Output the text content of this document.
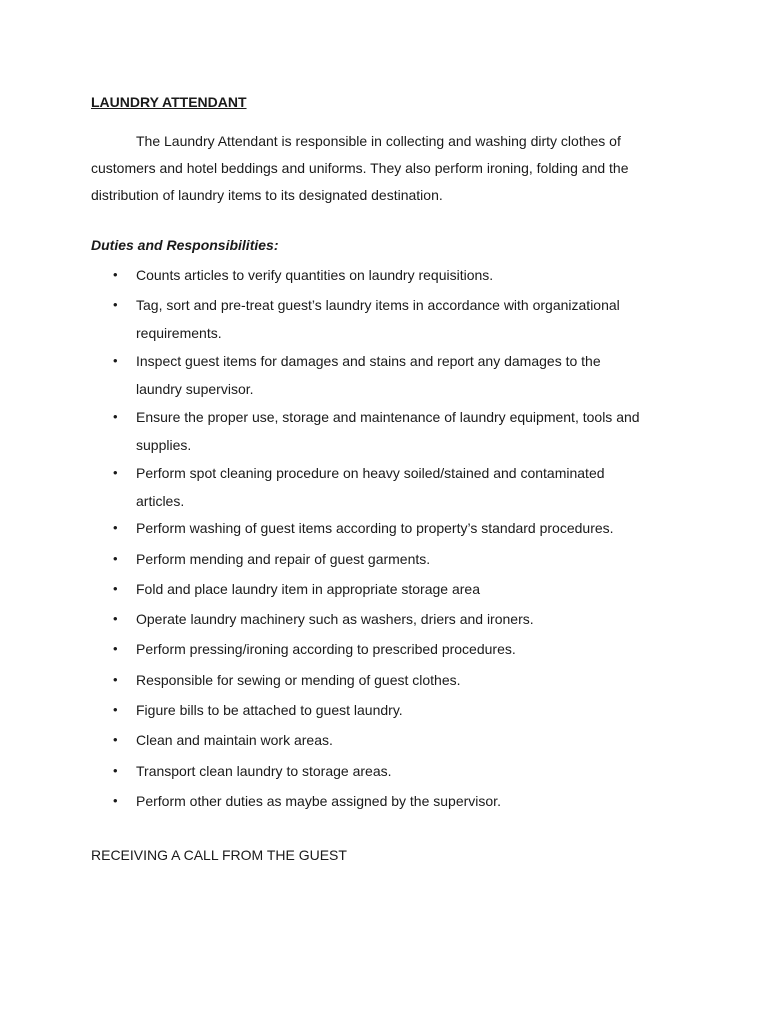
LAUNDRY ATTENDANT

The Laundry Attendant is responsible in collecting and washing dirty clothes of
customers and hotel beddings and uniforms. They also perform ironing, folding and the
distribution of laundry items to its designated destination.

Duties and Responsibilities:
• Counts articles to verify quantities on laundry requisitions.
• Tag, sort and pre-treat guest’s laundry items in accordance with organizational
requirements.
• Inspect guest items for damages and stains and report any damages to the
laundry supervisor.
• Ensure the proper use, storage and maintenance of laundry equipment, tools and
supplies.
• Perform spot cleaning procedure on heavy soiled/stained and contaminated
articles.
• Perform washing of guest items according to property’s standard procedures.
• Perform mending and repair of guest garments.
• Fold and place laundry item in appropriate storage area
• Operate laundry machinery such as washers, driers and ironers.
• Perform pressing/ironing according to prescribed procedures.
• Responsible for sewing or mending of guest clothes.
• Figure bills to be attached to guest laundry.
• Clean and maintain work areas.
• Transport clean laundry to storage areas.
• Perform other duties as maybe assigned by the supervisor.
RECEIVING A CALL FROM THE GUEST
